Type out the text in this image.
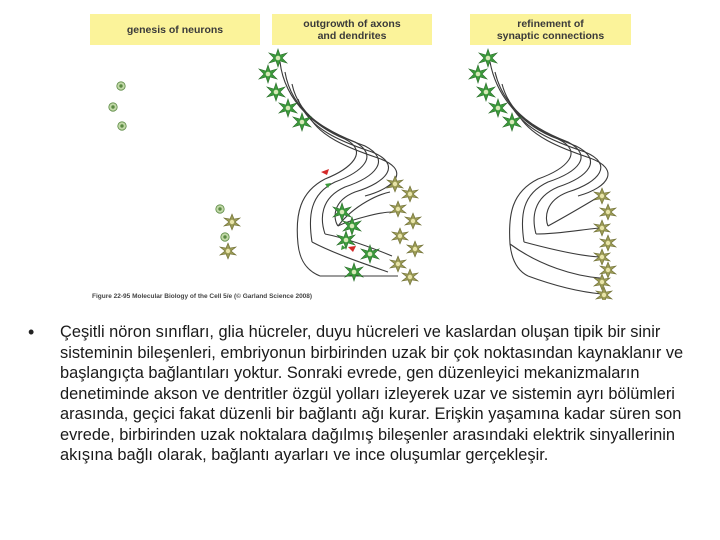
genesis of neurons	outgrowth of axons
and dendrites
refinement of
synaptic connections
Figure 22-95 Molecular Biology of the Cell 5/e (© Garland Science 2008)
• Çeşitli nöron sınıfları, glia hücreler, duyu hücreleri ve kaslardan oluşan tipik bir sinir sisteminin bileşenleri, embriyonun birbirinden uzak bir çok noktasından kaynaklanır ve başlangıçta bağlantıları yoktur. Sonraki evrede, gen düzenleyici mekanizmaların denetiminde akson ve dentritler özgül yolları izleyerek uzar ve sistemin ayrı bölümleri arasında, geçici fakat düzenli bir bağlantı ağı kurar. Erişkin yaşamına kadar süren son evrede, birbirinden uzak noktalara dağılmış bileşenler arasındaki elektrik sinyallerinin akışına bağlı olarak, bağlantı ayarları ve ince oluşumlar gerçekleşir.
